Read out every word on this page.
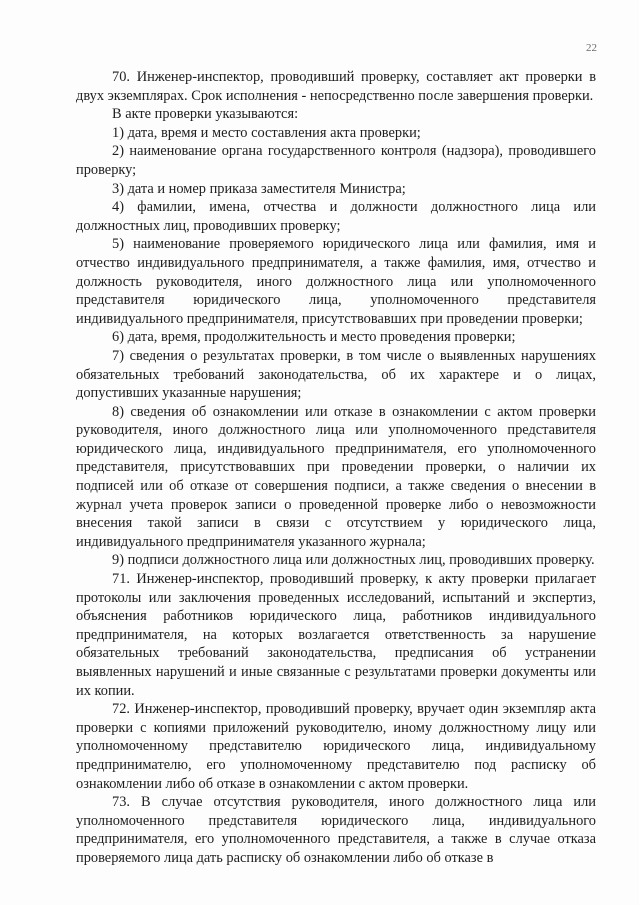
22

70. Инженер-инспектор, проводивший проверку, составляет акт проверки в двух экземплярах. Срок исполнения - непосредственно после завершения проверки.

В акте проверки указываются:

1) дата, время и место составления акта проверки;

2) наименование органа государственного контроля (надзора), проводившего проверку;

3) дата и номер приказа заместителя Министра;

4) фамилии, имена, отчества и должности должностного лица или должностных лиц, проводивших проверку;

5) наименование проверяемого юридического лица или фамилия, имя и отчество индивидуального предпринимателя, а также фамилия, имя, отчество и должность руководителя, иного должностного лица или уполномоченного представителя юридического лица, уполномоченного представителя индивидуального предпринимателя, присутствовавших при проведении проверки;

6) дата, время, продолжительность и место проведения проверки;

7) сведения о результатах проверки, в том числе о выявленных нарушениях обязательных требований законодательства, об их характере и о лицах, допустивших указанные нарушения;

8) сведения об ознакомлении или отказе в ознакомлении с актом проверки руководителя, иного должностного лица или уполномоченного представителя юридического лица, индивидуального предпринимателя, его уполномоченного представителя, присутствовавших при проведении проверки, о наличии их подписей или об отказе от совершения подписи, а также сведения о внесении в журнал учета проверок записи о проведенной проверке либо о невозможности внесения такой записи в связи с отсутствием у юридического лица, индивидуального предпринимателя указанного журнала;

9) подписи должностного лица или должностных лиц, проводивших проверку.

71. Инженер-инспектор, проводивший проверку, к акту проверки прилагает протоколы или заключения проведенных исследований, испытаний и экспертиз, объяснения работников юридического лица, работников индивидуального предпринимателя, на которых возлагается ответственность за нарушение обязательных требований законодательства, предписания об устранении выявленных нарушений и иные связанные с результатами проверки документы или их копии.

72. Инженер-инспектор, проводивший проверку, вручает один экземпляр акта проверки с копиями приложений руководителю, иному должностному лицу или уполномоченному представителю юридического лица, индивидуальному предпринимателю, его уполномоченному представителю под расписку об ознакомлении либо об отказе в ознакомлении с актом проверки.

73. В случае отсутствия руководителя, иного должностного лица или уполномоченного представителя юридического лица, индивидуального предпринимателя, его уполномоченного представителя, а также в случае отказа проверяемого лица дать расписку об ознакомлении либо об отказе в
